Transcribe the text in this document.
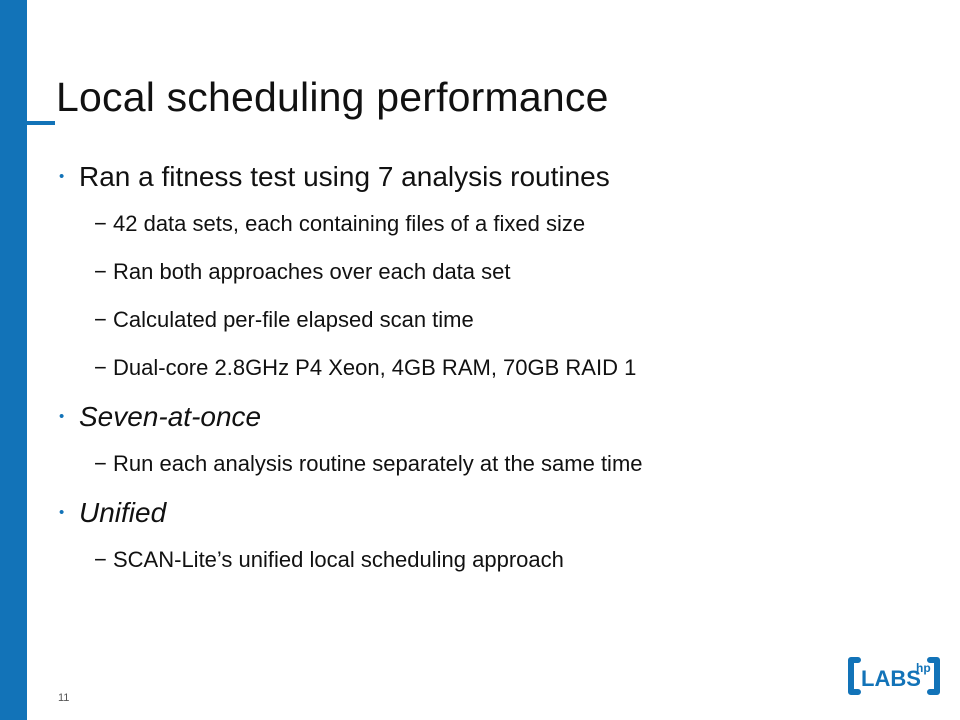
Local scheduling performance
• Ran a fitness test using 7 analysis routines
− 42 data sets, each containing files of a fixed size
− Ran both approaches over each data set
− Calculated per-file elapsed scan time
− Dual-core 2.8GHz P4 Xeon, 4GB RAM, 70GB RAID 1
• Seven-at-once
− Run each analysis routine separately at the same time
• Unified
− SCAN-Lite’s unified local scheduling approach
11
LABS
hp
